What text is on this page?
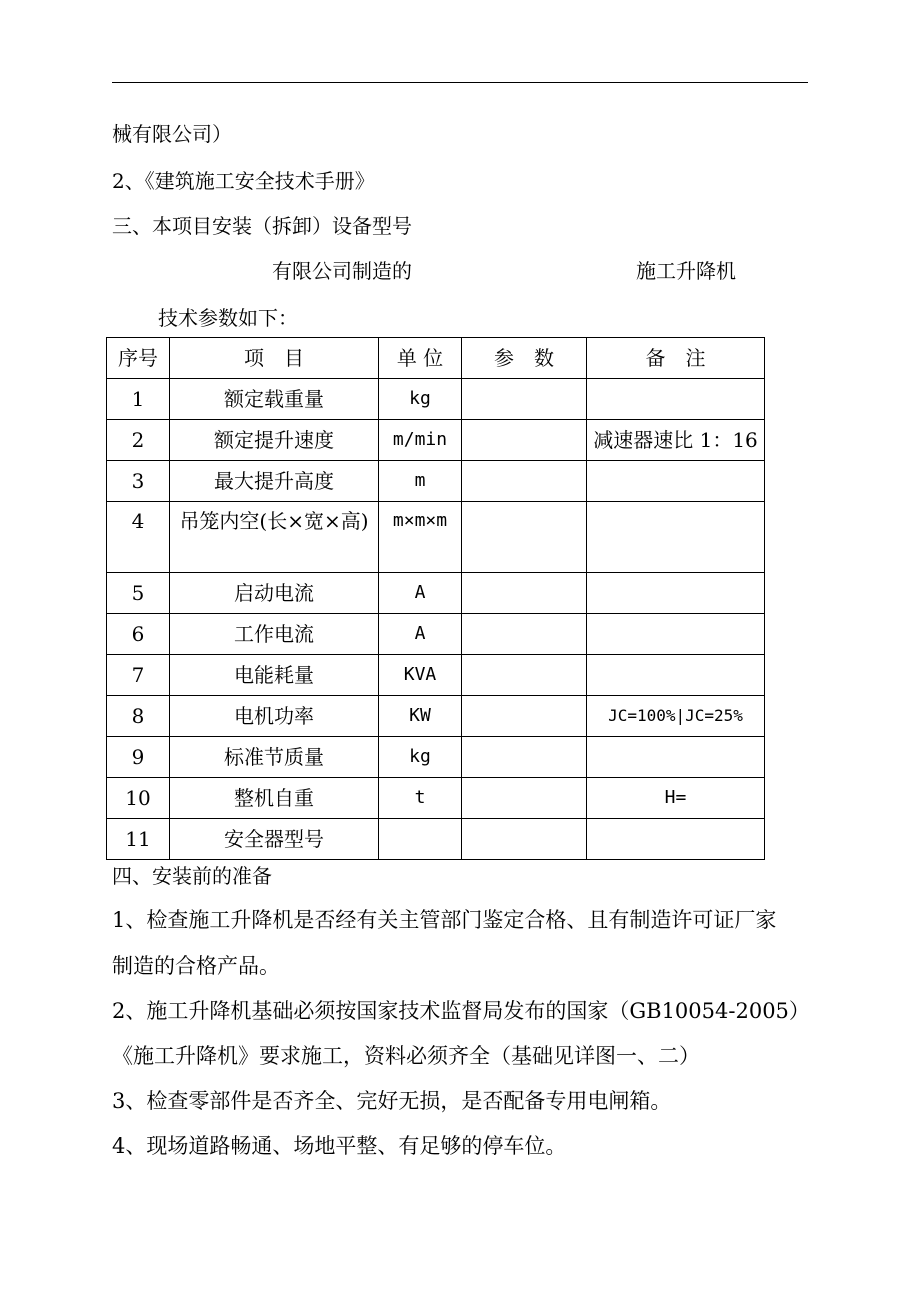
械有限公司）
2、《建筑施工安全技术手册》
三、本项目安装（拆卸）设备型号
有限公司制造的	施工升降机
技术参数如下：
序号	项　目	单 位	参　数	备　注
1	额定载重量	kg		
2	额定提升速度	m/min		减速器速比 1：16
3	最大提升高度	m		
4	吊笼内空(长×宽×高)	m×m×m		
5	启动电流	A		
6	工作电流	A		
7	电能耗量	KVA		
8	电机功率	KW		JC=100%|JC=25%
9	标准节质量	kg		
10	整机自重	t		H=
11	安全器型号			
四、安装前的准备
1、检查施工升降机是否经有关主管部门鉴定合格、且有制造许可证厂家
制造的合格产品。
2、施工升降机基础必须按国家技术监督局发布的国家（GB10054-2005）
《施工升降机》要求施工，资料必须齐全（基础见详图一、二）
3、检查零部件是否齐全、完好无损，是否配备专用电闸箱。
4、现场道路畅通、场地平整、有足够的停车位。
